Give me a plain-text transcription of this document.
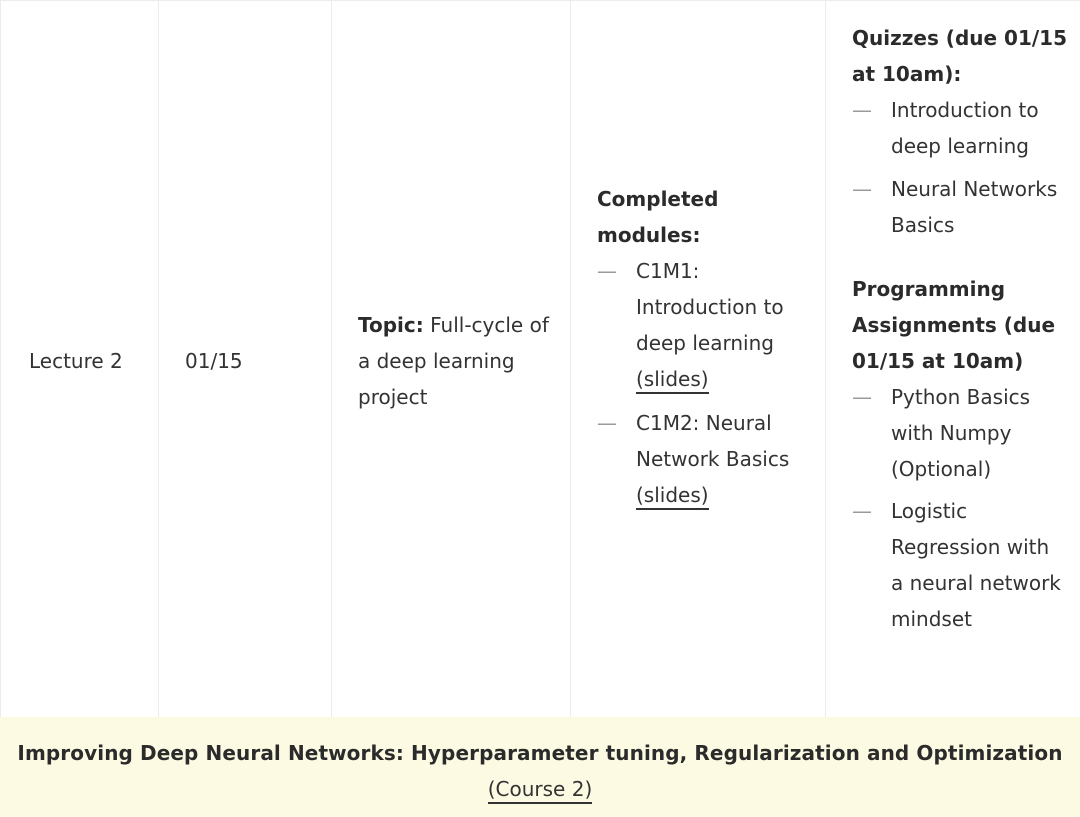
Lecture 2	01/15
Topic: Full-cycle of a deep learning project
Completed modules:
— C1M1: Introduction to deep learning (slides)
— C1M2: Neural Network Basics (slides)
Quizzes (due 01/15 at 10am):
— Introduction to deep learning
— Neural Networks Basics
Programming Assignments (due 01/15 at 10am)
— Python Basics with Numpy (Optional)
— Logistic Regression with a neural network mindset
Improving Deep Neural Networks: Hyperparameter tuning, Regularization and Optimization
(Course 2)
